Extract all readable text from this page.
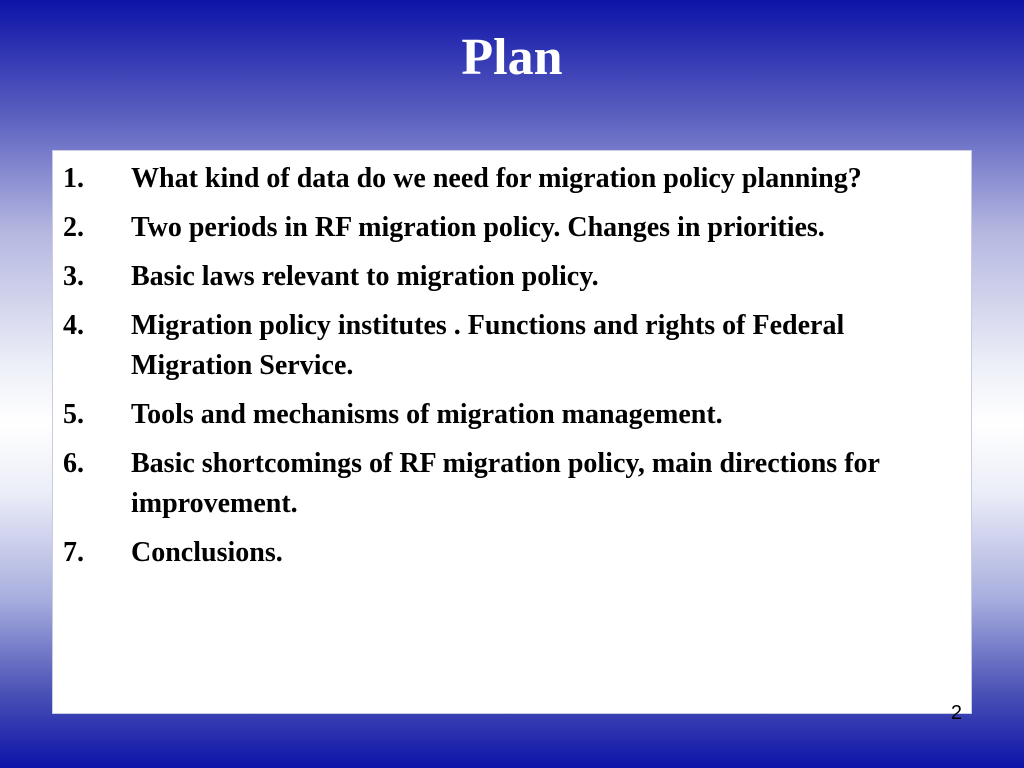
Plan
1.	What kind of data do we need for migration policy planning?
2.	Two periods in RF migration policy. Changes in priorities.
3.	Basic laws relevant to migration policy.
4.	Migration policy institutes . Functions and rights of Federal Migration Service.
5.	Tools and mechanisms of migration management.
6.	Basic shortcomings of RF migration policy, main directions for improvement.
7.	Conclusions.
2
